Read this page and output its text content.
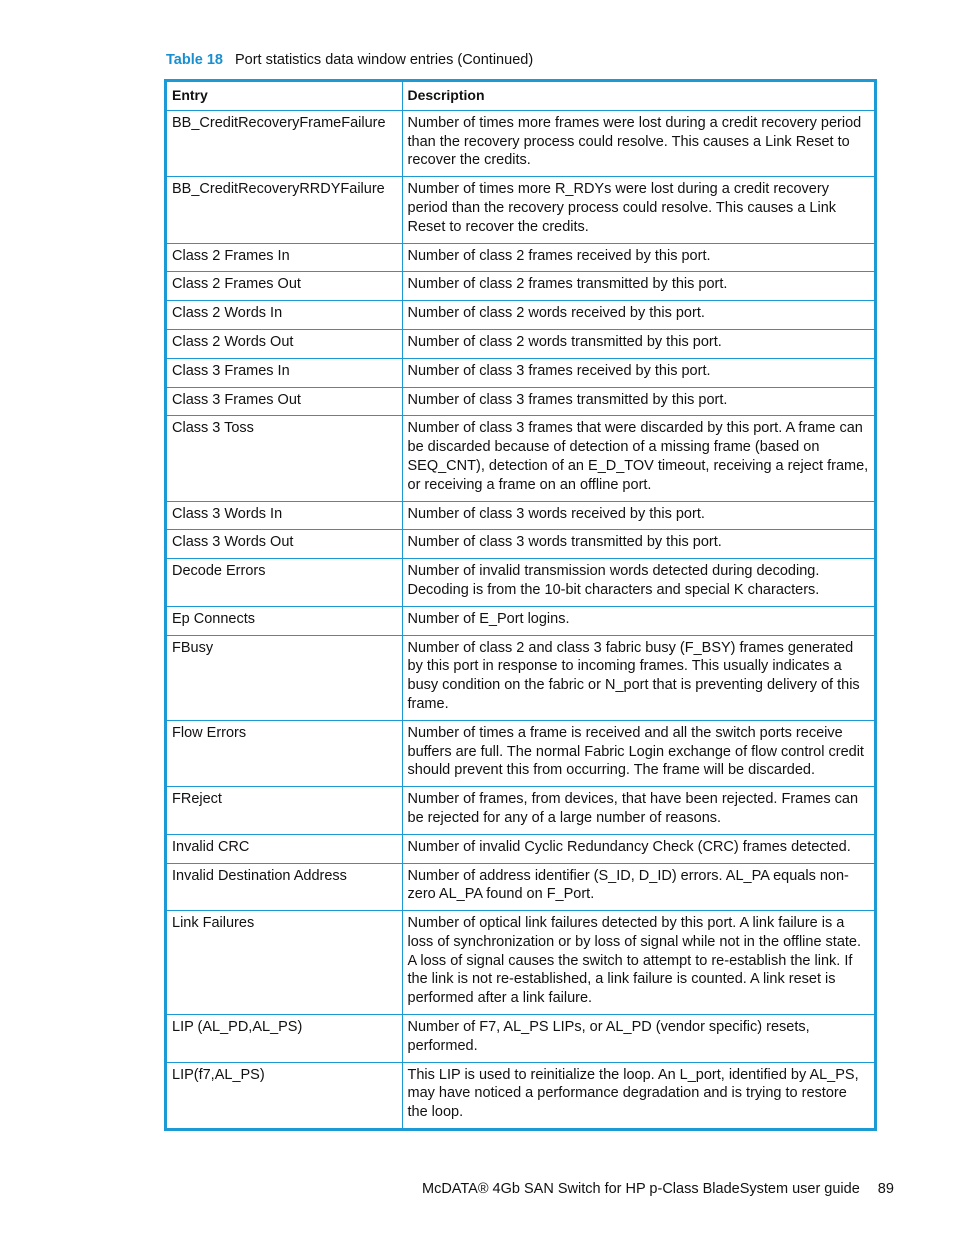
Table 18 Port statistics data window entries (Continued)
Entry	Description
BB_CreditRecoveryFrameFailure	Number of times more frames were lost during a credit recovery period than the recovery process could resolve. This causes a Link Reset to recover the credits.
BB_CreditRecoveryRRDYFailure	Number of times more R_RDYs were lost during a credit recovery period than the recovery process could resolve. This causes a Link Reset to recover the credits.
Class 2 Frames In	Number of class 2 frames received by this port.
Class 2 Frames Out	Number of class 2 frames transmitted by this port.
Class 2 Words In	Number of class 2 words received by this port.
Class 2 Words Out	Number of class 2 words transmitted by this port.
Class 3 Frames In	Number of class 3 frames received by this port.
Class 3 Frames Out	Number of class 3 frames transmitted by this port.
Class 3 Toss	Number of class 3 frames that were discarded by this port. A frame can be discarded because of detection of a missing frame (based on SEQ_CNT), detection of an E_D_TOV timeout, receiving a reject frame, or receiving a frame on an offline port.
Class 3 Words In	Number of class 3 words received by this port.
Class 3 Words Out	Number of class 3 words transmitted by this port.
Decode Errors	Number of invalid transmission words detected during decoding. Decoding is from the 10-bit characters and special K characters.
Ep Connects	Number of E_Port logins.
FBusy	Number of class 2 and class 3 fabric busy (F_BSY) frames generated by this port in response to incoming frames. This usually indicates a busy condition on the fabric or N_port that is preventing delivery of this frame.
Flow Errors	Number of times a frame is received and all the switch ports receive buffers are full. The normal Fabric Login exchange of flow control credit should prevent this from occurring. The frame will be discarded.
FReject	Number of frames, from devices, that have been rejected. Frames can be rejected for any of a large number of reasons.
Invalid CRC	Number of invalid Cyclic Redundancy Check (CRC) frames detected.
Invalid Destination Address	Number of address identifier (S_ID, D_ID) errors. AL_PA equals non-zero AL_PA found on F_Port.
Link Failures	Number of optical link failures detected by this port. A link failure is a loss of synchronization or by loss of signal while not in the offline state. A loss of signal causes the switch to attempt to re-establish the link. If the link is not re-established, a link failure is counted. A link reset is performed after a link failure.
LIP (AL_PD,AL_PS)	Number of F7, AL_PS LIPs, or AL_PD (vendor specific) resets, performed.
LIP(f7,AL_PS)	This LIP is used to reinitialize the loop. An L_port, identified by AL_PS, may have noticed a performance degradation and is trying to restore the loop.
McDATA® 4Gb SAN Switch for HP p-Class BladeSystem user guide 89
